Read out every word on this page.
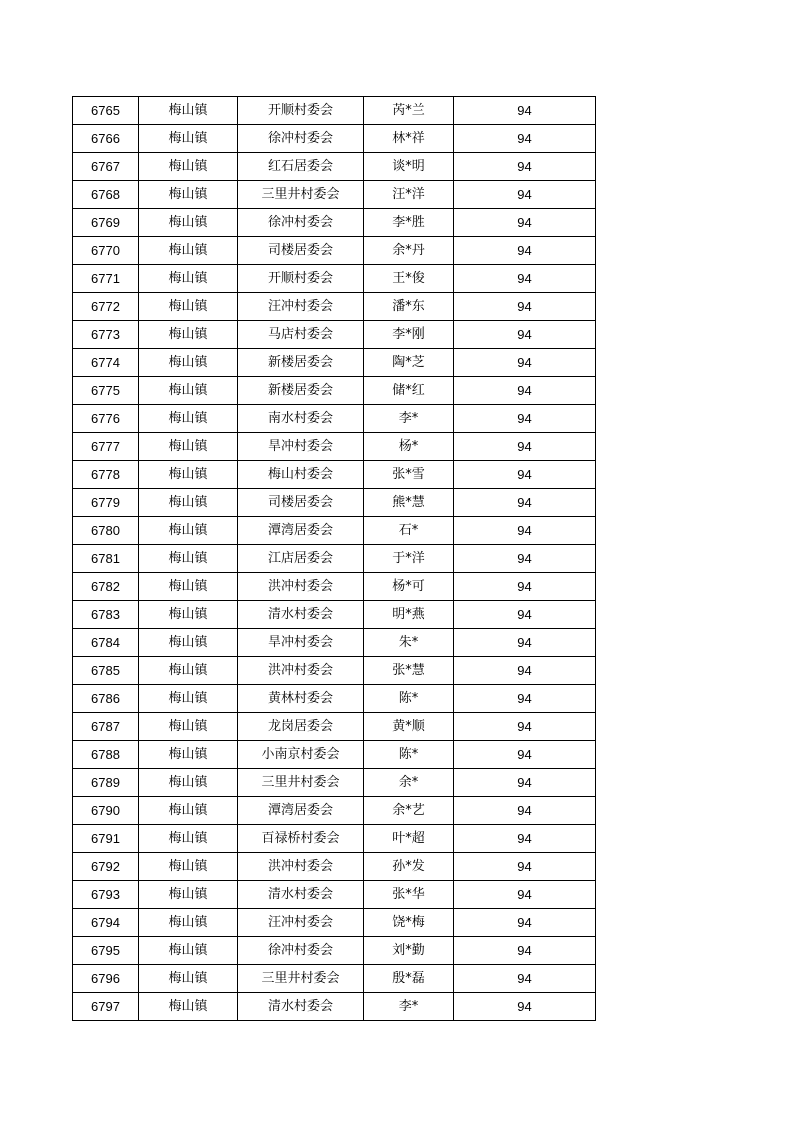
6765	梅山镇	开顺村委会	芮*兰	94
6766	梅山镇	徐冲村委会	林*祥	94
6767	梅山镇	红石居委会	谈*明	94
6768	梅山镇	三里井村委会	汪*洋	94
6769	梅山镇	徐冲村委会	李*胜	94
6770	梅山镇	司楼居委会	余*丹	94
6771	梅山镇	开顺村委会	王*俊	94
6772	梅山镇	汪冲村委会	潘*东	94
6773	梅山镇	马店村委会	李*刚	94
6774	梅山镇	新楼居委会	陶*芝	94
6775	梅山镇	新楼居委会	储*红	94
6776	梅山镇	南水村委会	李*	94
6777	梅山镇	旱冲村委会	杨*	94
6778	梅山镇	梅山村委会	张*雪	94
6779	梅山镇	司楼居委会	熊*慧	94
6780	梅山镇	潭湾居委会	石*	94
6781	梅山镇	江店居委会	于*洋	94
6782	梅山镇	洪冲村委会	杨*可	94
6783	梅山镇	清水村委会	明*燕	94
6784	梅山镇	旱冲村委会	朱*	94
6785	梅山镇	洪冲村委会	张*慧	94
6786	梅山镇	黄林村委会	陈*	94
6787	梅山镇	龙岗居委会	黄*顺	94
6788	梅山镇	小南京村委会	陈*	94
6789	梅山镇	三里井村委会	余*	94
6790	梅山镇	潭湾居委会	余*艺	94
6791	梅山镇	百禄桥村委会	叶*超	94
6792	梅山镇	洪冲村委会	孙*发	94
6793	梅山镇	清水村委会	张*华	94
6794	梅山镇	汪冲村委会	饶*梅	94
6795	梅山镇	徐冲村委会	刘*勤	94
6796	梅山镇	三里井村委会	殷*磊	94
6797	梅山镇	清水村委会	李*	94
